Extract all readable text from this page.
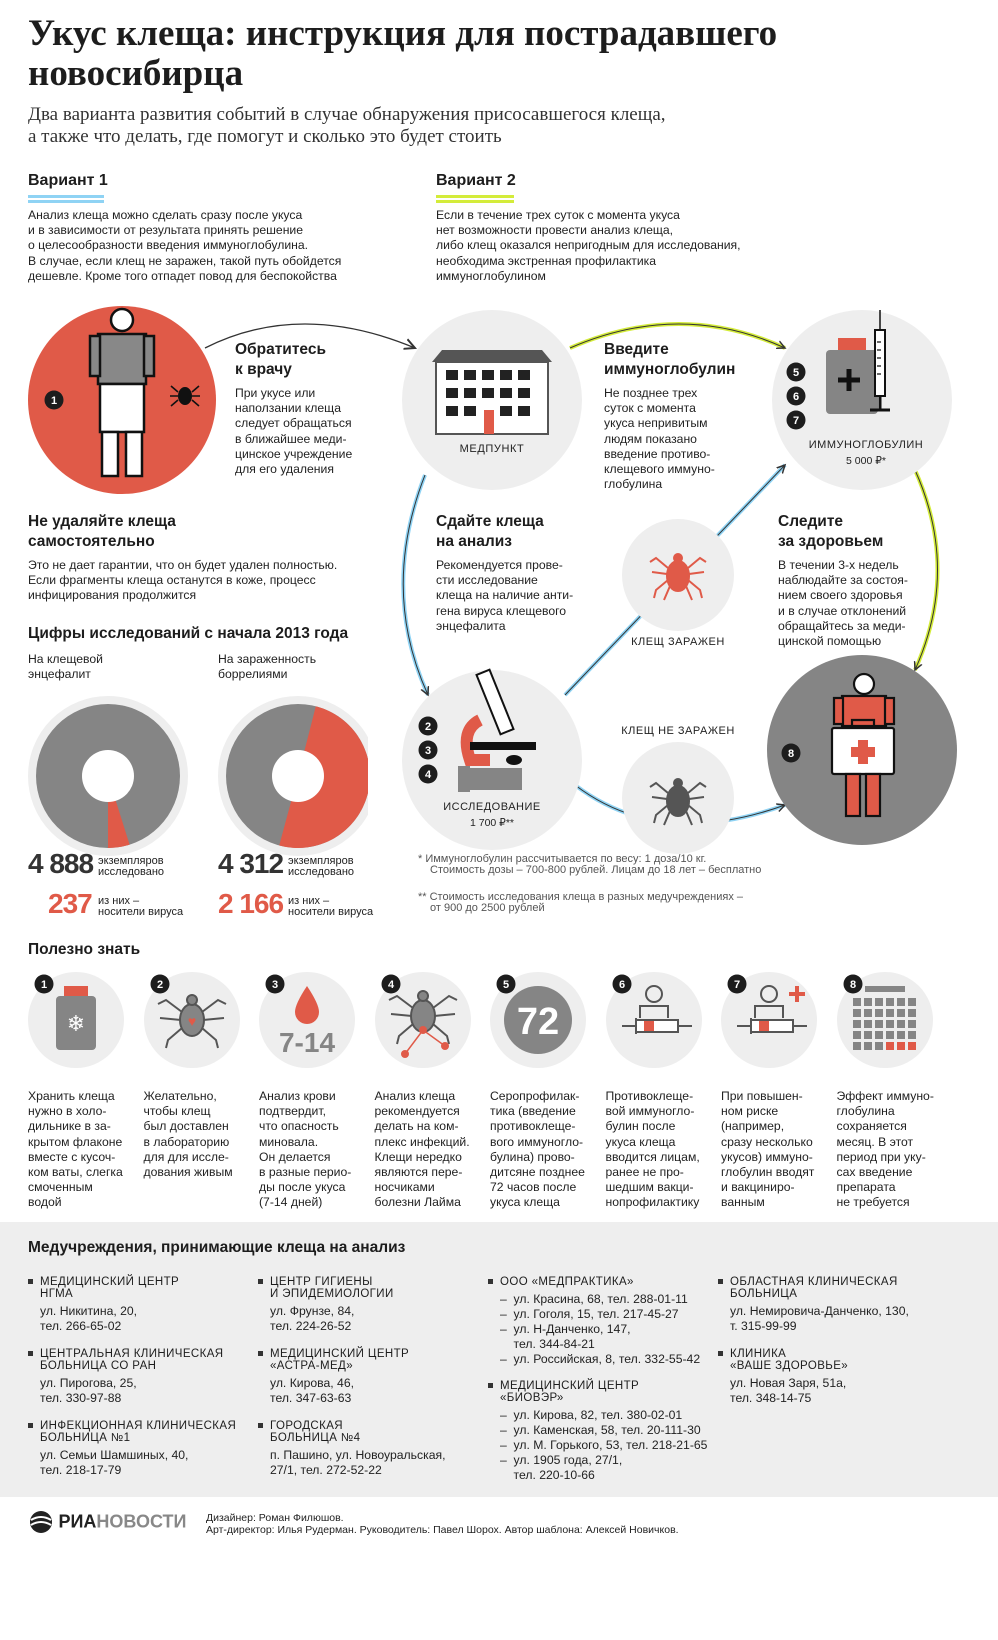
Укус клеща: инструкция для пострадавшего
новосибирца
Два варианта развития событий в случае обнаружения присосавшегося клеща,
а также что делать, где помогут и сколько это будет стоить
Вариант 1
Анализ клеща можно сделать сразу после укуса
и в зависимости от результата принять решение
о целесообразности введения иммуноглобулина.
В случае, если клещ не заражен, такой путь обойдется
дешевле. Кроме того отпадет повод для беспокойства
Вариант 2
Если в течение трех суток с момента укуса
нет возможности провести анализ клеща,
либо клещ оказался непригодным для исследования,
необходима экстренная профилактика
иммуноглобулином
1
МЕДПУНКТ	ИММУНОГЛОБУЛИН
5 000 ₽*
5
6
7
КЛЕЩ ЗАРАЖЕН
КЛЕЩ НЕ ЗАРАЖЕН
ИССЛЕДОВАНИЕ
1 700 ₽**
2
3
4
8
Обратитесь
к врачу
При укусе или
наползании клеща
следует обращаться
в ближайшее меди-
цинское учреждение
для его удаления
Введите
иммуноглобулин
Не позднее трех
суток с момента
укуса непривитым
людям показано
введение противо-
клещевого иммуно-
глобулина
Не удаляйте клеща
самостоятельно
Это не дает гарантии, что он будет удален полностью.
Если фрагменты клеща останутся в коже, процесс
инфицирования продолжится
Сдайте клеща
на анализ
Рекомендуется прове-
сти исследование
клеща на наличие анти-
гена вируса клещевого
энцефалита
Следите
за здоровьем
В течении 3-х недель
наблюдайте за состоя-
нием своего здоровья
и в случае отклонений
обращайтесь за меди-
цинской помощью
Цифры исследований с начала 2013 года
На клещевой
энцефалит
На зараженность
боррелиями
4 888 экземпляров
исследовано
237 из них –
носители вируса
4 312 экземпляров
исследовано
2 166 из них –
носители вируса
* Иммуноглобулин рассчитывается по весу: 1 доза/10 кг.
Стоимость дозы – 700-800 рублей. Лицам до 18 лет – бесплатно
** Стоимость исследования клеща в разных медучреждениях –
от 900 до 2500 рублей
Полезно знать
❄
1
Хранить клеща
нужно в холо-
дильнике в за-
крытом флаконе
вместе с кусоч-
ком ваты, слегка
смоченным
водой
♥
2
Желательно,
чтобы клещ
был доставлен
в лабораторию
для для иссле-
дования живым
7-14
3
Анализ крови
подтвердит,
что опасность
миновала.
Он делается
в разные перио-
ды после укуса
(7-14 дней)
4
Анализ клеща
рекомендуется
делать на ком-
плекс инфекций.
Клещи нередко
являются пере-
носчиками
болезни Лайма
72
5
Серопрофилак-
тика (введение
противоклеще-
вого иммуногло-
булина) прово-
дитсяне позднее
72 часов после
укуса клеща
6
Противоклеще-
вой иммуногло-
булин после
укуса клеща
вводится лицам,
ранее не про-
шедшим вакци-
нопрофилактику
7
При повышен-
ном риске
(например,
сразу несколько
укусов) иммуно-
глобулин вводят
и вакциниро-
ванным
8
Эффект иммуно-
глобулина
сохраняется
месяц. В этот
период при уку-
сах введение
препарата
не требуется
Медучреждения, принимающие клеща на анализ
МЕДИЦИНСКИЙ ЦЕНТР
НГМА
ул. Никитина, 20,
тел. 266-65-02
ЦЕНТРАЛЬНАЯ КЛИНИЧЕСКАЯ
БОЛЬНИЦА СО РАН
ул. Пирогова, 25,
тел. 330-97-88
ИНФЕКЦИОННАЯ КЛИНИЧЕСКАЯ
БОЛЬНИЦА №1
ул. Семьи Шамшиных, 40,
тел. 218-17-79
ЦЕНТР ГИГИЕНЫ
И ЭПИДЕМИОЛОГИИ
ул. Фрунзе, 84,
тел. 224-26-52
МЕДИЦИНСКИЙ ЦЕНТР
«АСТРА-МЕД»
ул. Кирова, 46,
тел. 347-63-63
ГОРОДСКАЯ
БОЛЬНИЦА №4
п. Пашино, ул. Новоуральская,
27/1, тел. 272-52-22
ООО «МЕДПРАКТИКА»
–  ул. Красина, 68, тел. 288-01-11
–  ул. Гоголя, 15, тел. 217-45-27
–  ул. Н-Данченко, 147,
тел. 344-84-21
–  ул. Российская, 8, тел. 332-55-42
МЕДИЦИНСКИЙ ЦЕНТР
«БИОВЭР»
–  ул. Кирова, 82, тел. 380-02-01
–  ул. Каменская, 58, тел. 20-111-30
–  ул. М. Горького, 53, тел. 218-21-65
–  ул. 1905 года, 27/1,
тел. 220-10-66
ОБЛАСТНАЯ КЛИНИЧЕСКАЯ
БОЛЬНИЦА
ул. Немировича-Данченко, 130,
т. 315-99-99
КЛИНИКА
«ВАШЕ ЗДОРОВЬЕ»
ул. Новая Заря, 51а,
тел. 348-14-75
РИАНОВОСТИ Дизайнер: Роман Филюшов.
Арт-директор: Илья Рудерман. Руководитель: Павел Шорох. Автор шаблона: Алексей Новичков.
